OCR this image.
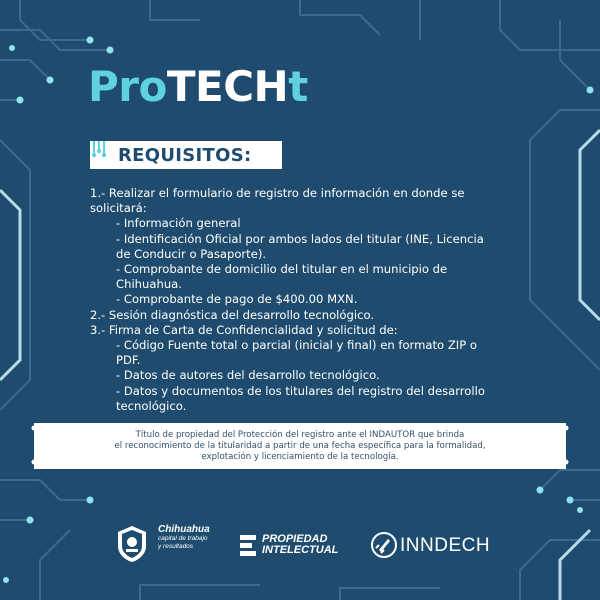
ProTECHt
REQUISITOS:
1.- Realizar el formulario de registro de información en donde se
solicitará:
- Información general
- Identificación Oficial por ambos lados del titular (INE, Licencia
de Conducir o Pasaporte).
- Comprobante de domicilio del titular en el municipio de
Chihuahua.
- Comprobante de pago de $400.00 MXN.
2.- Sesión diagnóstica del desarrollo tecnológico.
3.- Firma de Carta de Confidencialidad y solicitud de:
- Código Fuente total o parcial (inicial y final) en formato ZIP o
PDF.
- Datos de autores del desarrollo tecnológico.
- Datos y documentos de los titulares del registro del desarrollo
tecnológico.
Título de propiedad del Protección del registro ante el INDAUTOR que brinda
el reconocimiento de la titularidad a partir de una fecha específica para la formalidad,
explotación y licenciamiento de la tecnología.
Chihuahua
capital de trabajo
y resultados
PROPIEDAD
INTELECTUAL	INNDECH
